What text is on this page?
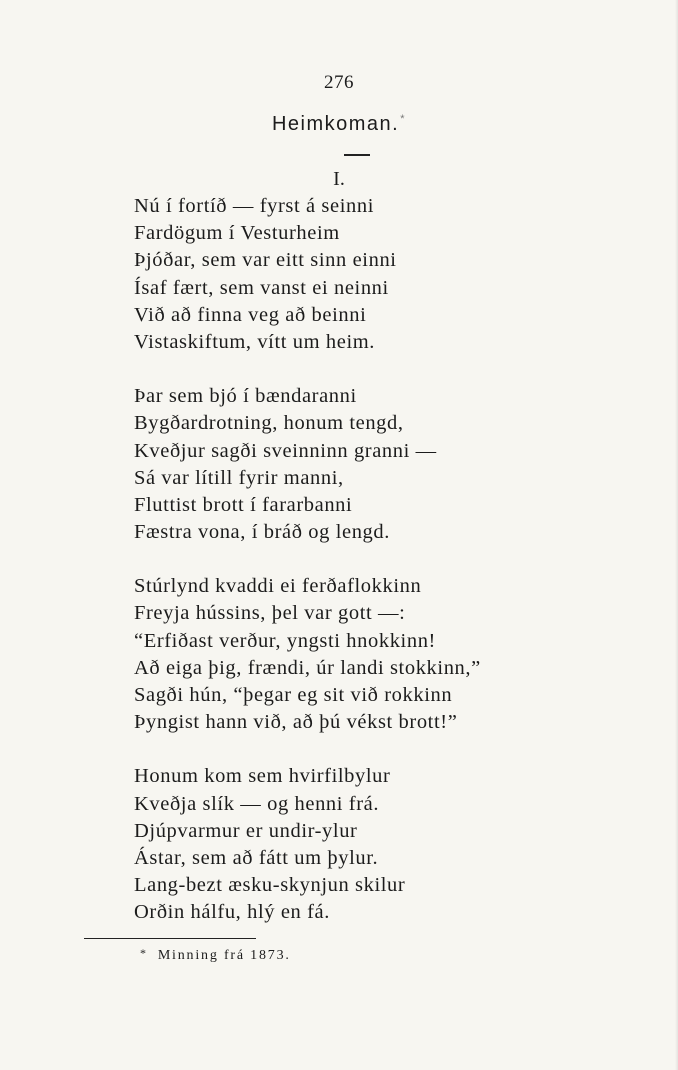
276
Heimkoman.*
I.
Nú í fortíð — fyrst á seinni
Fardögum í Vesturheim
Þjóðar, sem var eitt sinn einni
Ísaf fært, sem vanst ei neinni
Við að finna veg að beinni
Vistaskiftum, vítt um heim.
Þar sem bjó í bændaranni
Bygðardrotning, honum tengd,
Kveðjur sagði sveinninn granni —
Sá var lítill fyrir manni,
Fluttist brott í fararbanni
Fæstra vona, í bráð og lengd.
Stúrlynd kvaddi ei ferðaflokkinn
Freyja hússins, þel var gott —:
“Erfiðast verður, yngsti hnokkinn!
Að eiga þig, frændi, úr landi stokkinn,”
Sagði hún, “þegar eg sit við rokkinn
Þyngist hann við, að þú vékst brott!”
Honum kom sem hvirfilbylur
Kveðja slík — og henni frá.
Djúpvarmur er undir-ylur
Ástar, sem að fátt um þylur.
Lang-bezt æsku-skynjun skilur
Orðin hálfu, hlý en fá.
* Minning frá 1873.
